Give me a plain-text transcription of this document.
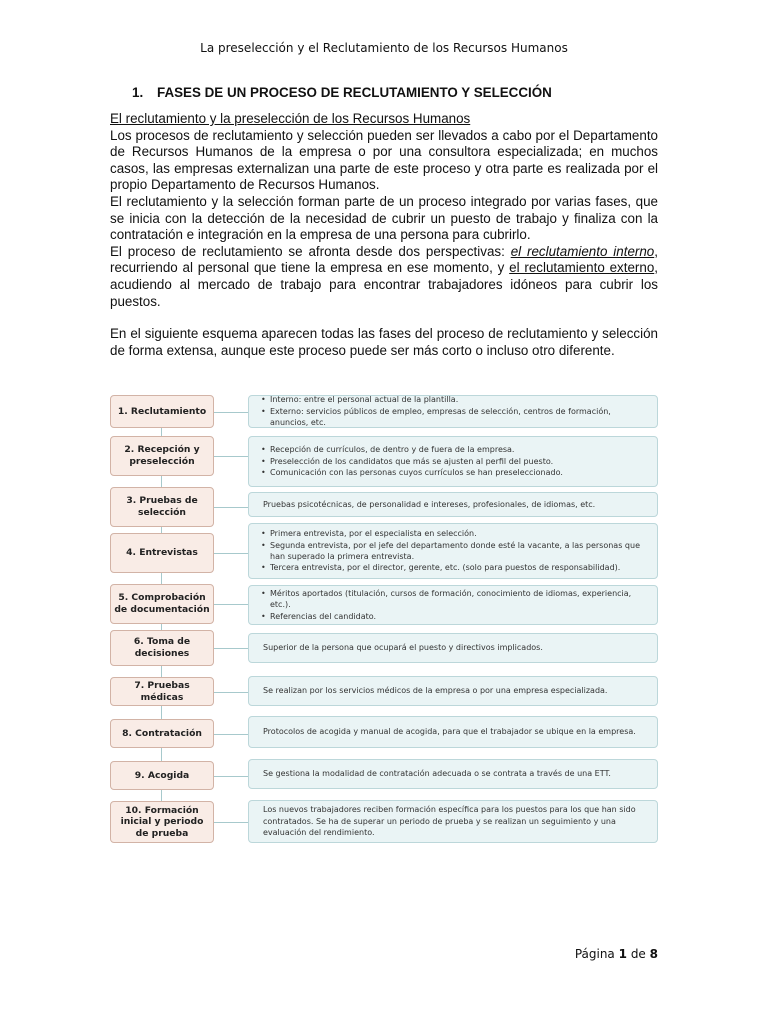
La preselección y el Reclutamiento de los Recursos Humanos
1. FASES DE UN PROCESO DE RECLUTAMIENTO Y SELECCIÓN

El reclutamiento y la preselección de los Recursos Humanos

Los procesos de reclutamiento y selección pueden ser llevados a cabo por el Departamento de Recursos Humanos de la empresa o por una consultora especializada; en muchos casos, las empresas externalizan una parte de este proceso y otra parte es realizada por el propio Departamento de Recursos Humanos.

El reclutamiento y la selección forman parte de un proceso integrado por varias fases, que se inicia con la detección de la necesidad de cubrir un puesto de trabajo y finaliza con la contratación e integración en la empresa de una persona para cubrirlo.

El proceso de reclutamiento se afronta desde dos perspectivas: el reclutamiento interno, recurriendo al personal que tiene la empresa en ese momento, y el reclutamiento externo, acudiendo al mercado de trabajo para encontrar trabajadores idóneos para cubrir los puestos.

En el siguiente esquema aparecen todas las fases del proceso de reclutamiento y selección de forma extensa, aunque este proceso puede ser más corto o incluso otro diferente.

1. Reclutamiento
• Interno: entre el personal actual de la plantilla.
• Externo: servicios públicos de empleo, empresas de selección, centros de formación, anuncios, etc.
2. Recepción y preselección
• Recepción de currículos, de dentro y de fuera de la empresa.
• Preselección de los candidatos que más se ajusten al perfil del puesto.
• Comunicación con las personas cuyos currículos se han preseleccionado.
3. Pruebas de selección
Pruebas psicotécnicas, de personalidad e intereses, profesionales, de idiomas, etc.
4. Entrevistas
• Primera entrevista, por el especialista en selección.
• Segunda entrevista, por el jefe del departamento donde esté la vacante, a las personas que han superado la primera entrevista.
• Tercera entrevista, por el director, gerente, etc. (solo para puestos de responsabilidad).
5. Comprobación de documentación
• Méritos aportados (titulación, cursos de formación, conocimiento de idiomas, experiencia, etc.).
• Referencias del candidato.
6. Toma de decisiones
Superior de la persona que ocupará el puesto y directivos implicados.
7. Pruebas médicas
Se realizan por los servicios médicos de la empresa o por una empresa especializada.
8. Contratación	Protocolos de acogida y manual de acogida, para que el trabajador se ubique en la empresa.
9. Acogida	Se gestiona la modalidad de contratación adecuada o se contrata a través de una ETT.
10. Formación inicial y periodo de prueba
Los nuevos trabajadores reciben formación específica para los puestos para los que han sido contratados. Se ha de superar un periodo de prueba y se realizan un seguimiento y una evaluación del rendimiento.
Página 1 de 8
